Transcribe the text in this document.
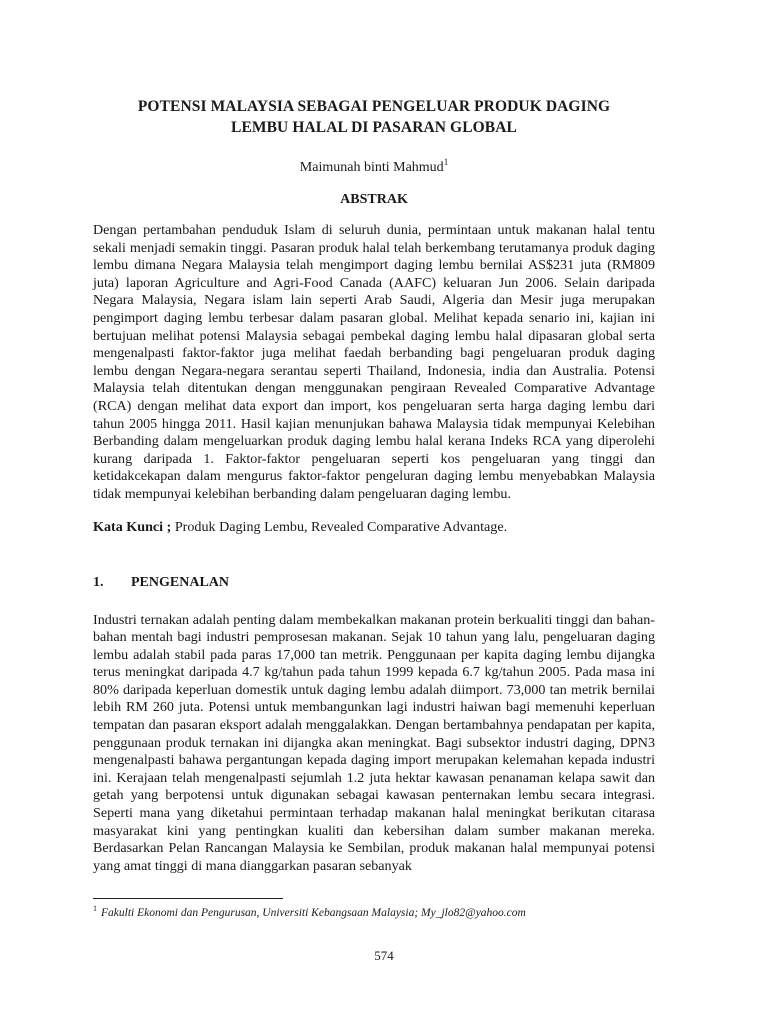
POTENSI MALAYSIA SEBAGAI PENGELUAR PRODUK DAGING
LEMBU HALAL DI PASARAN GLOBAL
Maimunah binti Mahmud$^1$
ABSTRAK

Dengan pertambahan penduduk Islam di seluruh dunia, permintaan untuk makanan halal tentu sekali menjadi semakin tinggi. Pasaran produk halal telah berkembang terutamanya produk daging lembu dimana Negara Malaysia telah mengimport daging lembu bernilai AS$231 juta (RM809 juta) laporan Agriculture and Agri-Food Canada (AAFC) keluaran Jun 2006. Selain daripada Negara Malaysia, Negara islam lain seperti Arab Saudi, Algeria dan Mesir juga merupakan pengimport daging lembu terbesar dalam pasaran global. Melihat kepada senario ini, kajian ini bertujuan melihat potensi Malaysia sebagai pembekal daging lembu halal dipasaran global serta mengenalpasti faktor-faktor juga melihat faedah berbanding bagi pengeluaran produk daging lembu dengan Negara-negara serantau seperti Thailand, Indonesia, india dan Australia. Potensi Malaysia telah ditentukan dengan menggunakan pengiraan Revealed Comparative Advantage (RCA) dengan melihat data export dan import, kos pengeluaran serta harga daging lembu dari tahun 2005 hingga 2011. Hasil kajian menunjukan bahawa Malaysia tidak mempunyai Kelebihan Berbanding dalam mengeluarkan produk daging lembu halal kerana Indeks RCA yang diperolehi kurang daripada 1. Faktor-faktor pengeluaran seperti kos pengeluaran yang tinggi dan ketidakcekapan dalam mengurus faktor-faktor pengeluran daging lembu menyebabkan Malaysia tidak mempunyai kelebihan berbanding dalam pengeluaran daging lembu.

Kata Kunci ; Produk Daging Lembu, Revealed Comparative Advantage.
1.	PENGENALAN

Industri ternakan adalah penting dalam membekalkan makanan protein berkualiti tinggi dan bahan-bahan mentah bagi industri pemprosesan makanan. Sejak 10 tahun yang lalu, pengeluaran daging lembu adalah stabil pada paras 17,000 tan metrik. Penggunaan per kapita daging lembu dijangka terus meningkat daripada 4.7 kg/tahun pada tahun 1999 kepada 6.7 kg/tahun 2005. Pada masa ini 80% daripada keperluan domestik untuk daging lembu adalah diimport. 73,000 tan metrik bernilai lebih RM 260 juta. Potensi untuk membangunkan lagi industri haiwan bagi memenuhi keperluan tempatan dan pasaran eksport adalah menggalakkan. Dengan bertambahnya pendapatan per kapita, penggunaan produk ternakan ini dijangka akan meningkat. Bagi subsektor industri daging, DPN3 mengenalpasti bahawa pergantungan kepada daging import merupakan kelemahan kepada industri ini. Kerajaan telah mengenalpasti sejumlah 1.2 juta hektar kawasan penanaman kelapa sawit dan getah yang berpotensi untuk digunakan sebagai kawasan penternakan lembu secara integrasi. Seperti mana yang diketahui permintaan terhadap makanan halal meningkat berikutan citarasa masyarakat kini yang pentingkan kualiti dan kebersihan dalam sumber makanan mereka. Berdasarkan Pelan Rancangan Malaysia ke Sembilan, produk makanan halal mempunyai potensi yang amat tinggi di mana dianggarkan pasaran sebanyak

$^1$ Fakulti Ekonomi dan Pengurusan, Universiti Kebangsaan Malaysia; My_jlo82@yahoo.com
574
